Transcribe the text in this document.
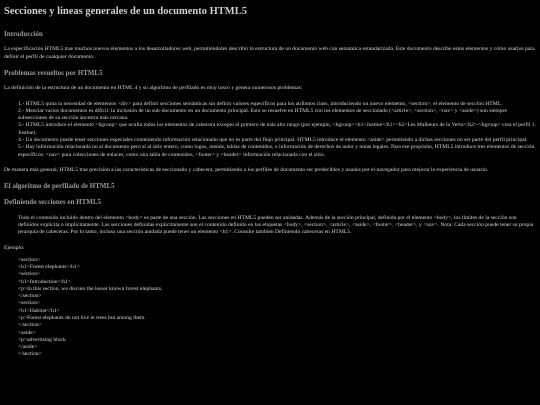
Secciones y líneas generales de un documento HTML5
Introducción

La especificación HTML5 trae muchos nuevos elementos a los desarrolladores web, permitiéndoles describir la estructura de un documento web con semántica estandarizada. Este documento describe estos elementos y cómo usarlos para definir el perfil de cualquier documento.

Problemas resueltos por HTML5

La definición de la estructura de un documento en HTML 4 y su algoritmo de perfilado es muy tosco y genera numerosos problemas:

1.- HTML5 quita la necesidad de elementos <div> para definir secciones semánticas sin definir valores específicos para los atributos class, introduciendo un nuevo elemento, <section>, el elemento de sección HTML.
2.- Mezclar varios documentos es difícil: la inclusión de un sub-documento en un documento principal. Esto se resuelve en HTML5 con los elementos de seccionado (<article>, <section>, <nav> y <aside>) son siempre subsecciones de su sección ancestra más cercana.
3.- HTML5 introduce el elemento <hgroup> que oculta todos los elementos de cabecera excepto el primero de más alto rango (por ejemplo, <hgroup><h1>Justine</h1><h2>Les Malheurs de la Vertu</h2></hgroup> crea el perfil 1. Justine).
4.- Un documento puede tener secciones especiales conteniendo información relacionado que no es parte del flujo principal. HTML5 introduce el elemento <aside> permitiendo a dichas secciones no ser parte del perfil principal.
5.- Hay información relacionada no al documento pero sí al sitio entero, como logos, menús, tablas de contenidos, o información de derechos de autor y notas legales. Para ese propósito, HTML5 introduce tres elementos de sección específicos: <nav> para colecciones de enlaces, como una tabla de contenidos, <footer> y <header> información relacionada con el sitio.

De manera más general, HTML5 trae precisión a las características de seccionado y cabecera, permitiendo a los perfiles de documento ser predecibles y usados por el navegador para mejorar la experiencia de usuario.

El algoritmo de perfilado de HTML5
Definiendo secciones en HTML5

Todo el contenido incluido dentro del elemento <body> es parte de una sección. Las secciones en HTML5 pueden ser anidadas. Además de la sección principal, definida por el elemento <body>, los límites de la sección son definidos explícita o implícitamente. Las secciones definidas explícitamente son el contenido definido en las etiquetas <body>, <section>, <article>, <aside>, <footer>, <header>, y <nav>. Nota: Cada sección puede tener su propia jerarquía de cabeceras. Por lo tanto, incluso una sección anidada puede tener un elemento <h1>. Consulte también Definiendo cabeceras en HTML5.

Ejemplo:

<section>
<h1>Forest elephants</h1>
<section>
<h1>Introduction</h1>
<p>In this section, we discuss the lesser known forest elephants.
</section>
<section>
<h1>Habitat</h1>
<p>Forest elephants do not live in trees but among them.
</section>
<aside>
<p>advertising block
</aside>
</section>
